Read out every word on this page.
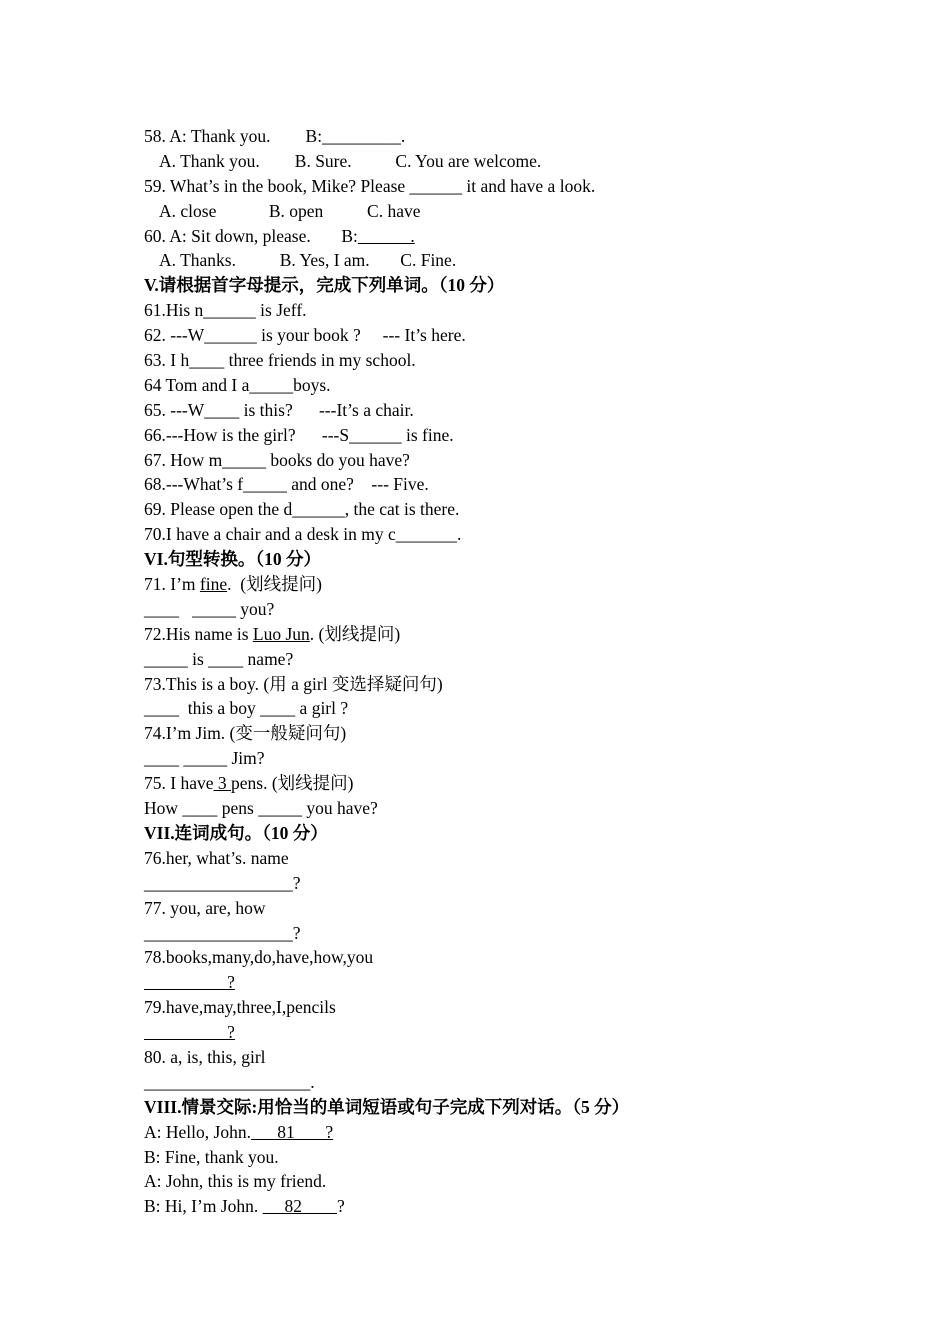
58. A: Thank you.        B:_________.
A. Thank you.        B. Sure.          C. You are welcome.
59. What’s in the book, Mike? Please ______ it and have a look.
A. close            B. open          C. have
60. A: Sit down, please.       B:            .
A. Thanks.          B. Yes, I am.       C. Fine.
V.请根据首字母提示，完成下列单词。（10 分）
61.His n______ is Jeff.
62. ---W______ is your book ?     --- It’s here.
63. I h____ three friends in my school.
64 Tom and I a_____boys.
65. ---W____ is this?      ---It’s a chair.
66.---How is the girl?      ---S______ is fine.
67. How m_____ books do you have?
68.---What’s f_____ and one?    --- Five.
69. Please open the d______, the cat is there.
70.I have a chair and a desk in my c_______.
VI.句型转换。（10 分）
71. I’m fine.  (划线提问)
____   _____ you?
72.His name is Luo Jun. (划线提问)
_____ is ____ name?
73.This is a boy. (用 a girl 变选择疑问句)
____  this a boy ____ a girl ?
74.I’m Jim. (变一般疑问句)
____ _____ Jim?
75. I have 3 pens. (划线提问)
How ____ pens _____ you have?
VII.连词成句。（10 分）
76.her, what’s. name
_________________?
77. you, are, how
_________________?
78.books,many,do,have,how,you
?
79.have,may,three,I,pencils
?
80. a, is, this, girl
___________________.
VIII.情景交际:用恰当的单词短语或句子完成下列对话。（5 分）
A: Hello, John.      81       ?
B: Fine, thank you.
A: John, this is my friend.
B: Hi, I’m John.      82        ?
